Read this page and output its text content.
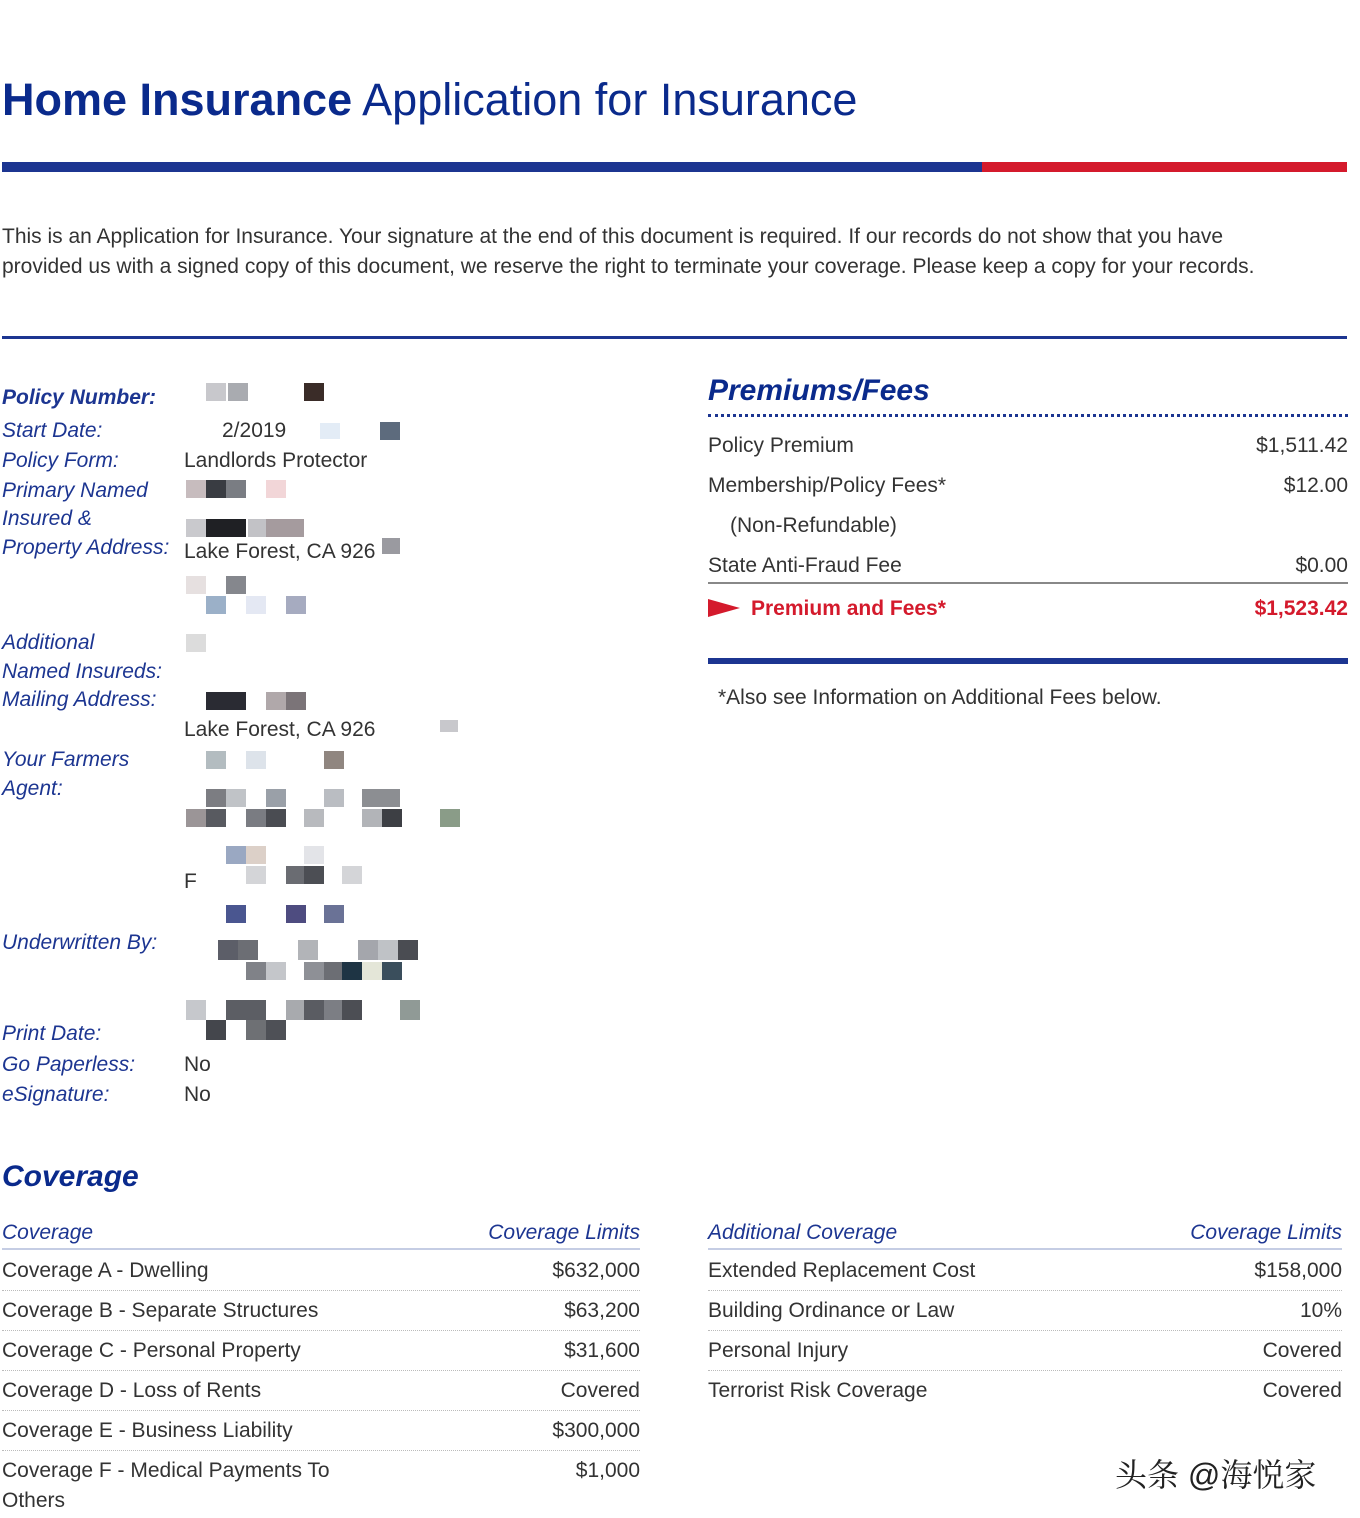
Home Insurance Application for Insurance
This is an Application for Insurance. Your signature at the end of this document is required. If our records do not show that you have
provided us with a signed copy of this document, we reserve the right to terminate your coverage. Please keep a copy for your records.
Policy Number:
Start Date:	2/2019
Policy Form:	Landlords Protector
Primary Named
Insured &
Property Address: Lake Forest, CA 926
Additional
Named Insureds:
Mailing Address:
Lake Forest, CA 926
Your Farmers
Agent:
F
Underwritten By:
Print Date:
Go Paperless: No
eSignature:	No
Premiums/Fees
Policy Premium	$1,511.42
Membership/Policy Fees*	$12.00
(Non-Refundable)
State Anti-Fraud Fee	$0.00
Premium and Fees*	$1,523.42
*Also see Information on Additional Fees below.
Coverage
Coverage	Coverage Limits
Coverage A - Dwelling	$632,000
Coverage B - Separate Structures	$63,200
Coverage C - Personal Property	$31,600
Coverage D - Loss of Rents	Covered
Coverage E - Business Liability	$300,000
Coverage F - Medical Payments To	$1,000
Others
Additional Coverage	Coverage Limits
Extended Replacement Cost	$158,000
Building Ordinance or Law	10%
Personal Injury	Covered
Terrorist Risk Coverage	Covered
头条 @海悦家
